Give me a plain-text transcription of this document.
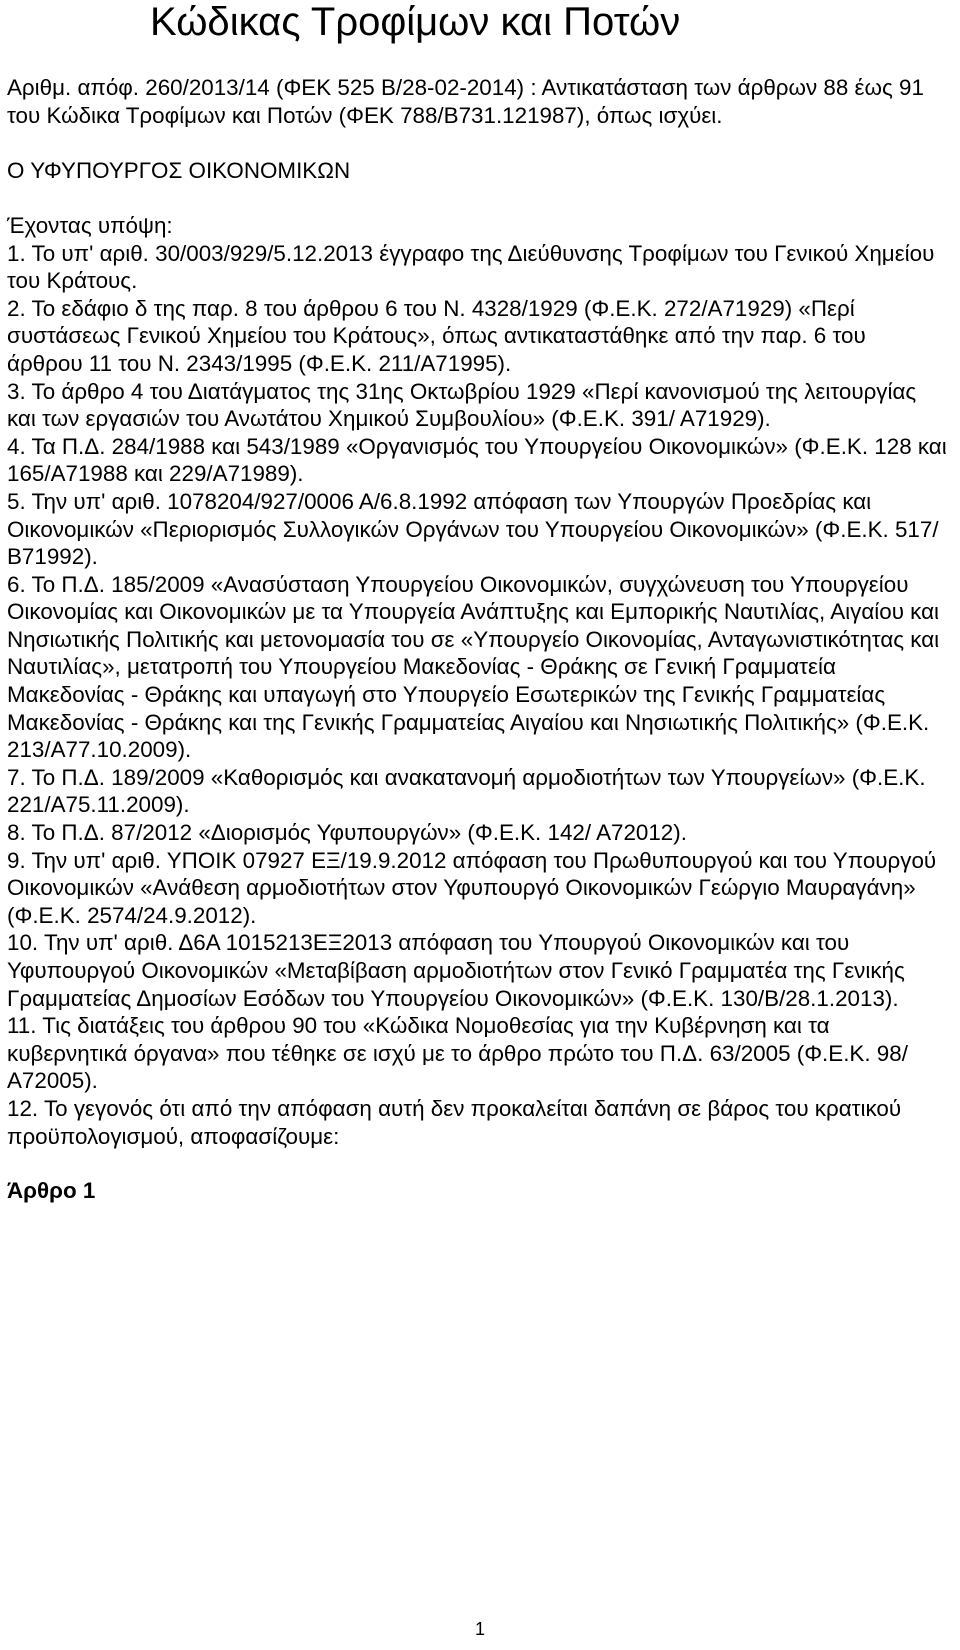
Κώδικας Τροφίμων και Ποτών

Αριθμ. απόφ. 260/2013/14 (ΦΕΚ 525 Β/28-02-2014) : Αντικατάσταση των άρθρων 88 έως 91 του Κώδικα Τροφίμων και Ποτών (ΦΕΚ 788/Β731.121987), όπως ισχύει.

Ο ΥΦΥΠΟΥΡΓΟΣ ΟΙΚΟΝΟΜΙΚΩΝ

Έχοντας υπόψη:

1. Το υπ' αριθ. 30/003/929/5.12.2013 έγγραφο της Διεύθυνσης Τροφίμων του Γενικού Χημείου του Κράτους.

2. Το εδάφιο δ της παρ. 8 του άρθρου 6 του Ν. 4328/1929 (Φ.Ε.Κ. 272/Α71929) «Περί συστάσεως Γενικού Χημείου του Κράτους», όπως αντικαταστάθηκε από την παρ. 6 του άρθρου 11 του Ν. 2343/1995 (Φ.Ε.Κ. 211/Α71995).

3. Το άρθρο 4 του Διατάγματος της 31ης Οκτωβρίου 1929 «Περί κανονισμού της λειτουργίας και των εργασιών του Ανωτάτου Χημικού Συμβουλίου» (Φ.Ε.Κ. 391/ Α71929).

4. Τα Π.Δ. 284/1988 και 543/1989 «Οργανισμός του Υπουργείου Οικονομικών» (Φ.Ε.Κ. 128 και 165/Α71988 και 229/Α71989).

5. Την υπ' αριθ. 1078204/927/0006 Α/6.8.1992 απόφαση των Υπουργών Προεδρίας και Οικονομικών «Περιορισμός Συλλογικών Οργάνων του Υπουργείου Οικονομικών» (Φ.Ε.Κ. 517/Β71992).

6. Το Π.Δ. 185/2009 «Ανασύσταση Υπουργείου Οικονομικών, συγχώνευση του Υπουργείου Οικονομίας και Οικονομικών με τα Υπουργεία Ανάπτυξης και Εμπορικής Ναυτιλίας, Αιγαίου και Νησιωτικής Πολιτικής και μετονομασία του σε «Υπουργείο Οικονομίας, Ανταγωνιστικότητας και Ναυτιλίας», μετατροπή του Υπουργείου Μακεδονίας - Θράκης σε Γενική Γραμματεία Μακεδονίας - Θράκης και υπαγωγή στο Υπουργείο Εσωτερικών της Γενικής Γραμματείας Μακεδονίας - Θράκης και της Γενικής Γραμματείας Αιγαίου και Νησιωτικής Πολιτικής» (Φ.Ε.Κ. 213/Α77.10.2009).

7. Το Π.Δ. 189/2009 «Καθορισμός και ανακατανομή αρμοδιοτήτων των Υπουργείων» (Φ.Ε.Κ. 221/Α75.11.2009).

8. Το Π.Δ. 87/2012 «Διορισμός Υφυπουργών» (Φ.Ε.Κ. 142/ Α72012).

9. Την υπ' αριθ. ΥΠΟΙΚ 07927 ΕΞ/19.9.2012 απόφαση του Πρωθυπουργού και του Υπουργού Οικονομικών «Ανάθεση αρμοδιοτήτων στον Υφυπουργό Οικονομικών Γεώργιο Μαυραγάνη» (Φ.Ε.Κ. 2574/24.9.2012).

10. Την υπ' αριθ. Δ6Α 1015213ΕΞ2013 απόφαση του Υπουργού Οικονομικών και του Υφυπουργού Οικονομικών «Μεταβίβαση αρμοδιοτήτων στον Γενικό Γραμματέα της Γενικής Γραμματείας Δημοσίων Εσόδων του Υπουργείου Οικονομικών» (Φ.Ε.Κ. 130/Β/28.1.2013).

11. Τις διατάξεις του άρθρου 90 του «Κώδικα Νομοθεσίας για την Κυβέρνηση και τα κυβερνητικά όργανα» που τέθηκε σε ισχύ με το άρθρο πρώτο του Π.Δ. 63/2005 (Φ.Ε.Κ. 98/Α72005).

12. Το γεγονός ότι από την απόφαση αυτή δεν προκαλείται δαπάνη σε βάρος του κρατικού προϋπολογισμού, αποφασίζουμε:

Άρθρο 1

1
